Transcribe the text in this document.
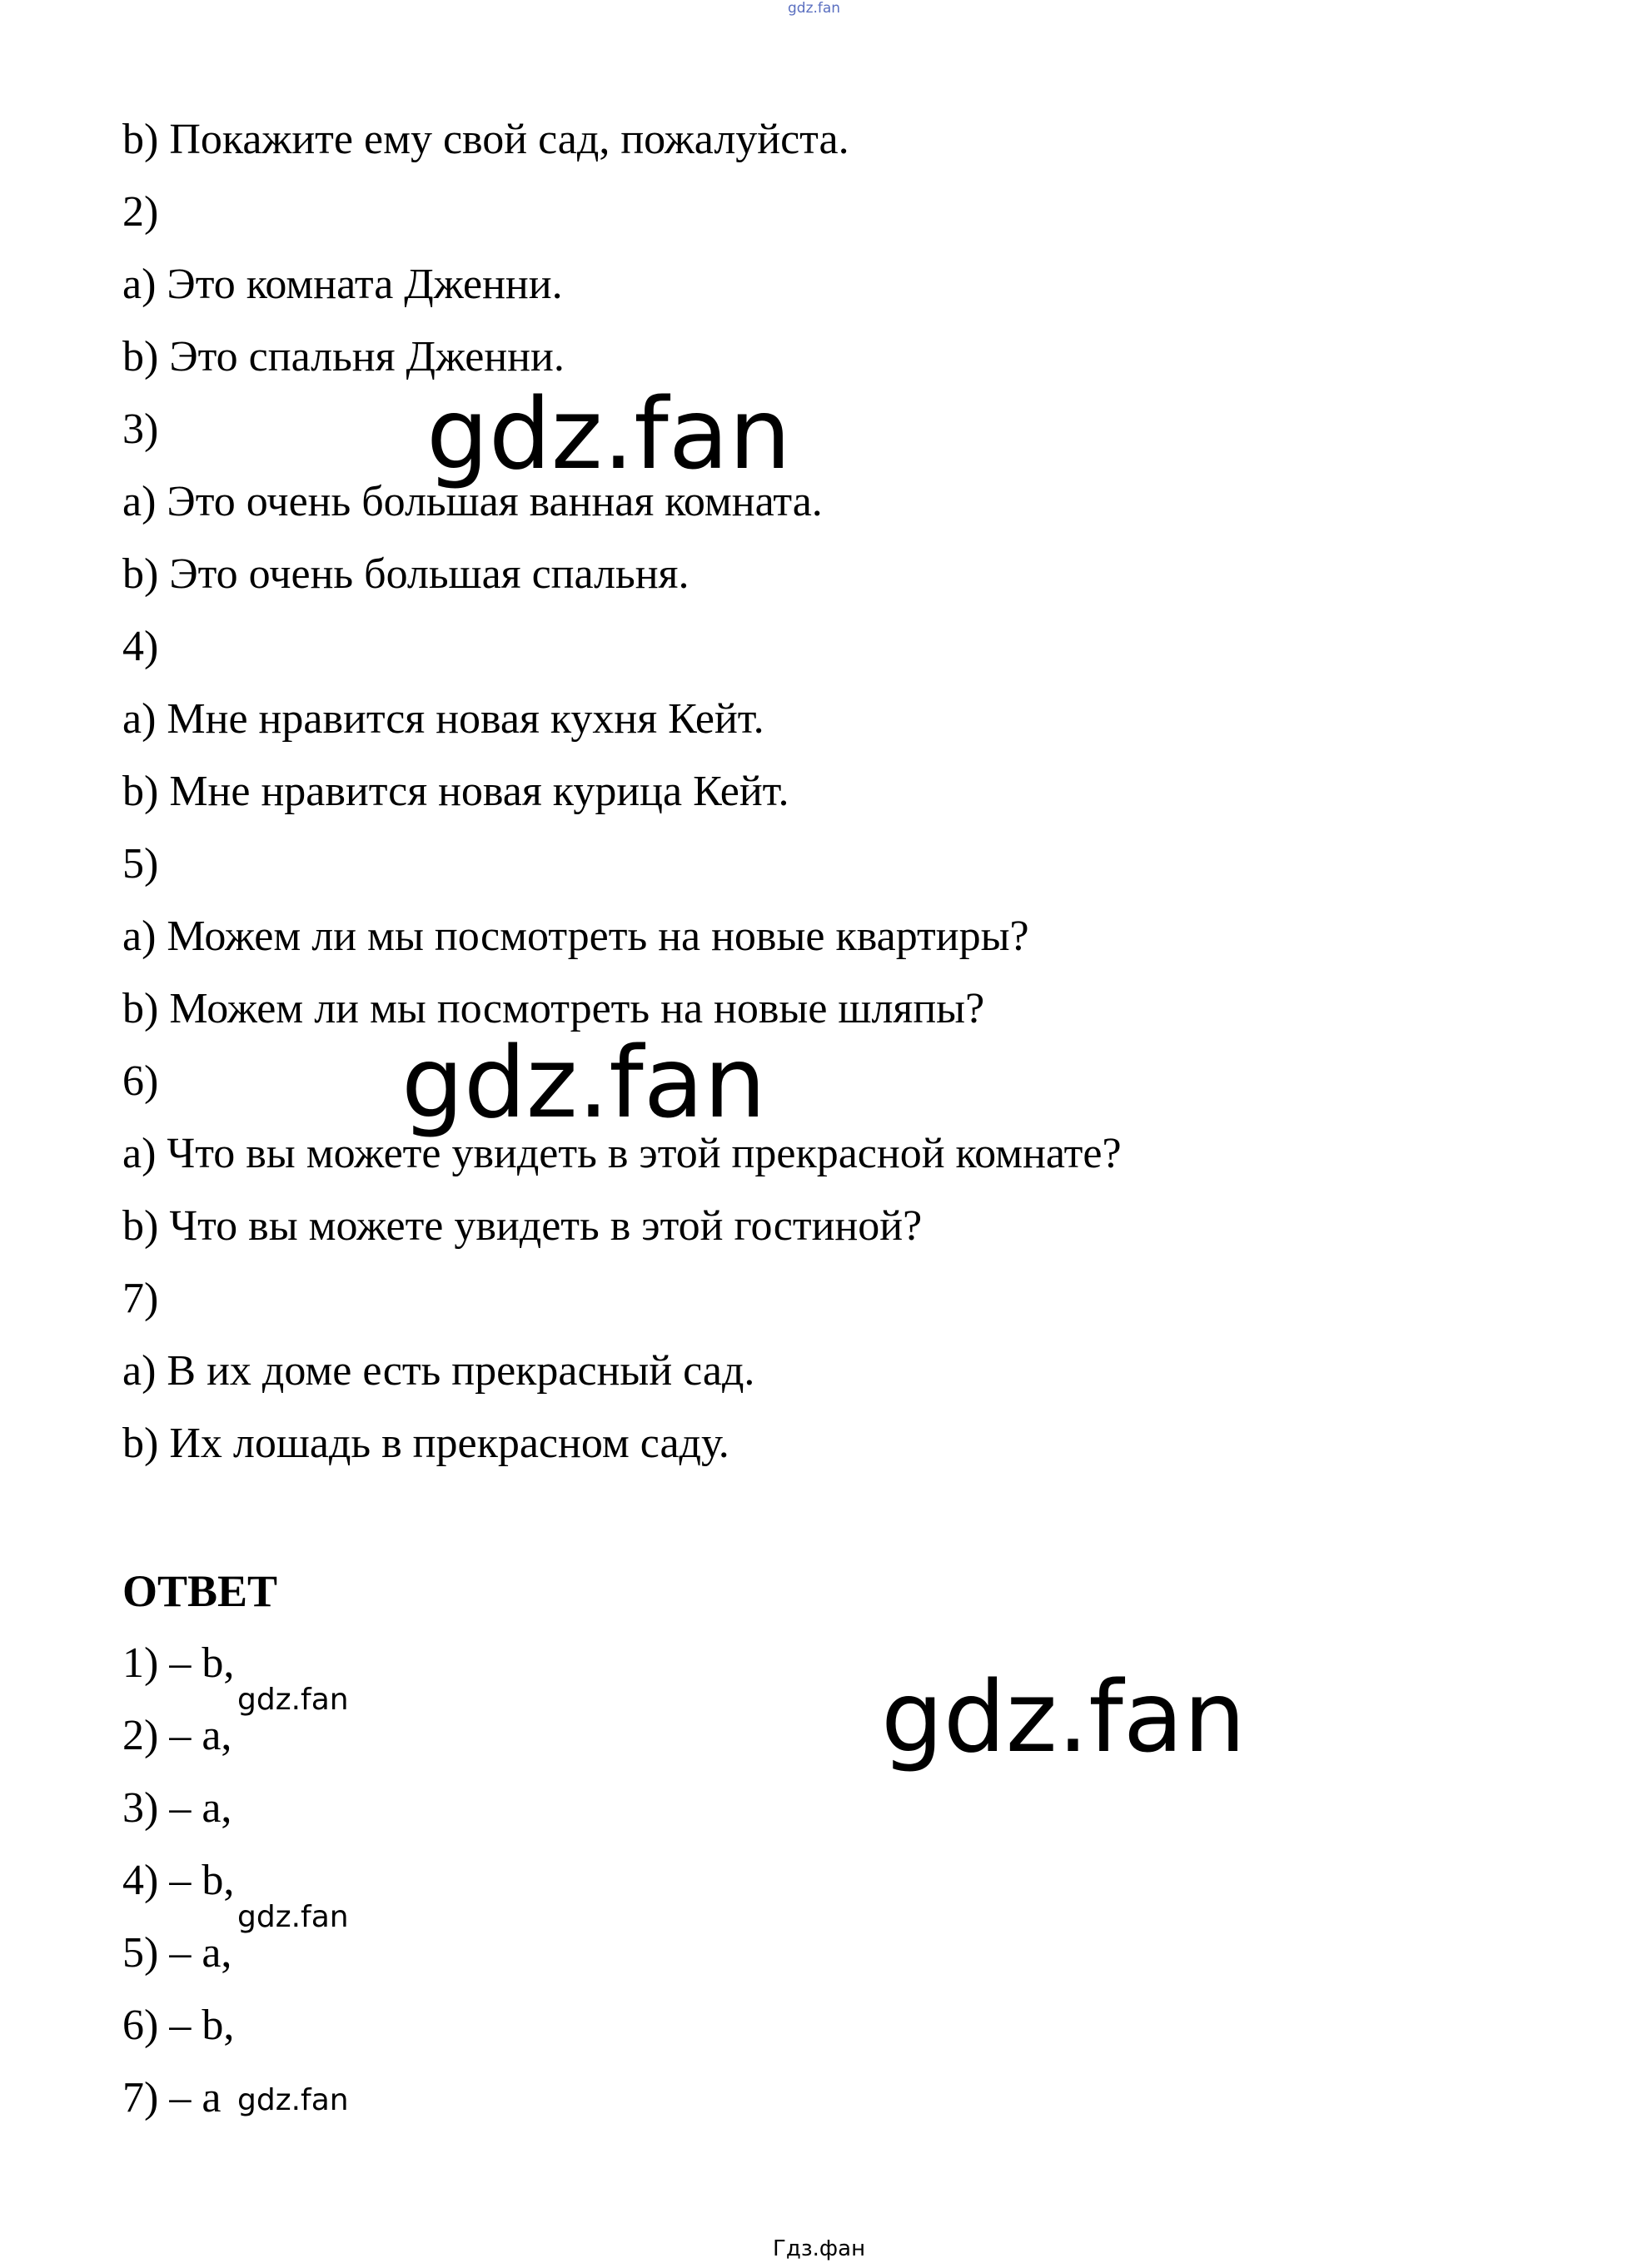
gdz.fan
b) Покажите ему свой сад, пожалуйста.
2)
a) Это комната Дженни.
b) Это спальня Дженни.
3)
a) Это очень большая ванная комната.
b) Это очень большая спальня.
4)
a) Мне нравится новая кухня Кейт.
b) Мне нравится новая курица Кейт.
5)
a) Можем ли мы посмотреть на новые квартиры?
b) Можем ли мы посмотреть на новые шляпы?
6)
a) Что вы можете увидеть в этой прекрасной комнате?
b) Что вы можете увидеть в этой гостиной?
7)
a) В их доме есть прекрасный сад.
b) Их лошадь в прекрасном саду.
ОТВЕТ
1) – b,
2) – a,
3) – a,
4) – b,
5) – a,
6) – b,
7) – a
gdz.fan
gdz.fan
gdz.fan
gdz.fan
gdz.fan
gdz.fan
Гдз.фан
